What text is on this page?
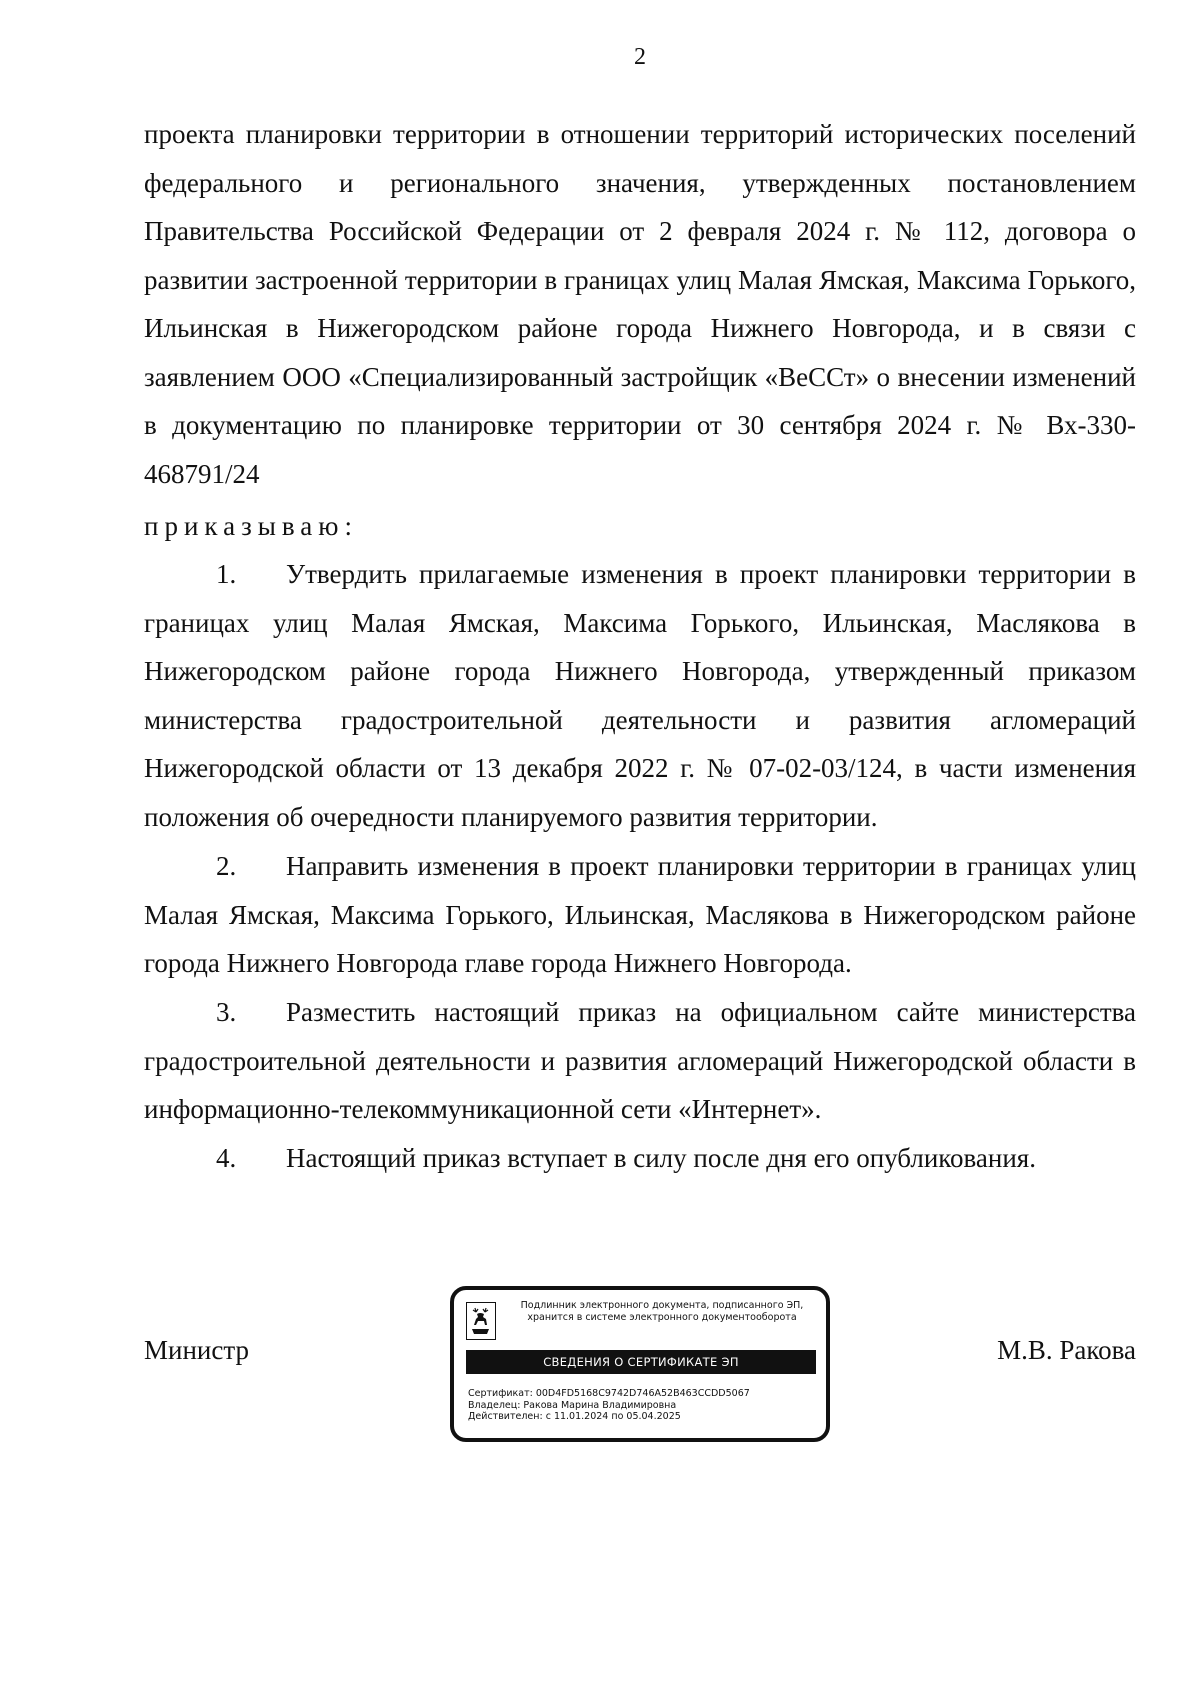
2
проекта планировки территории в отношении территорий исторических поселений федерального и регионального значения, утвержденных постановлением Правительства Российской Федерации от 2 февраля 2024 г. № 112, договора о развитии застроенной территории в границах улиц Малая Ямская, Максима Горького, Ильинская в Нижегородском районе города Нижнего Новгорода, и в связи с заявлением ООО «Специализированный застройщик «ВеССт» о внесении изменений в документацию по планировке территории от 30 сентября 2024 г. № Вх-330-468791/24
приказываю:
1. Утвердить прилагаемые изменения в проект планировки территории в границах улиц Малая Ямская, Максима Горького, Ильинская, Маслякова в Нижегородском районе города Нижнего Новгорода, утвержденный приказом министерства градостроительной деятельности и развития агломераций Нижегородской области от 13 декабря 2022 г. № 07-02-03/124, в части изменения положения об очередности планируемого развития территории.
2. Направить изменения в проект планировки территории в границах улиц Малая Ямская, Максима Горького, Ильинская, Маслякова в Нижегородском районе города Нижнего Новгорода главе города Нижнего Новгорода.
3. Разместить настоящий приказ на официальном сайте министерства градостроительной деятельности и развития агломераций Нижегородской области в информационно-телекоммуникационной сети «Интернет».
4. Настоящий приказ вступает в силу после дня его опубликования.
Министр
Подлинник электронного документа, подписанного ЭП,
хранится в системе электронного документооборота
СВЕДЕНИЯ О СЕРТИФИКАТЕ ЭП
Сертификат: 00D4FD5168C9742D746A52B463CCDD5067
Владелец: Ракова Марина Владимировна
Действителен: с 11.01.2024 по 05.04.2025
М.В. Ракова
